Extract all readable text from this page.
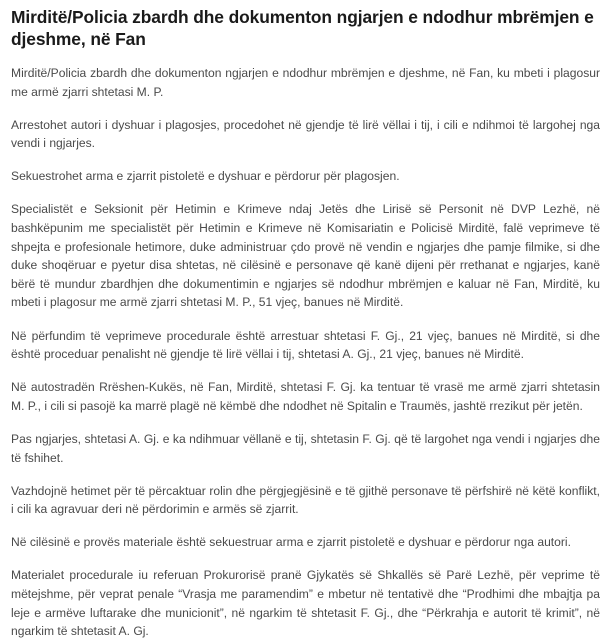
Mirditë/Policia zbardh dhe dokumenton ngjarjen e ndodhur mbrëmjen e djeshme, në Fan

Mirditë/Policia zbardh dhe dokumenton ngjarjen e ndodhur mbrëmjen e djeshme, në Fan, ku mbeti i plagosur me armë zjarri shtetasi M. P.

Arrestohet autori i dyshuar i plagosjes, procedohet në gjendje të lirë vëllai i tij, i cili e ndihmoi të largohej nga vendi i ngjarjes.

Sekuestrohet arma e zjarrit pistoletë e dyshuar e përdorur për plagosjen.

Specialistët e Seksionit për Hetimin e Krimeve ndaj Jetës dhe Lirisë së Personit në DVP Lezhë, në bashkëpunim me specialistët për Hetimin e Krimeve në Komisariatin e Policisë Mirditë, falë veprimeve të shpejta e profesionale hetimore, duke administruar çdo provë në vendin e ngjarjes dhe pamje filmike, si dhe duke shoqëruar e pyetur disa shtetas, në cilësinë e personave që kanë dijeni për rrethanat e ngjarjes, kanë bërë të mundur zbardhjen dhe dokumentimin e ngjarjes së ndodhur mbrëmjen e kaluar në Fan, Mirditë, ku mbeti i plagosur me armë zjarri shtetasi M. P., 51 vjeç, banues në Mirditë.

Në përfundim të veprimeve procedurale është arrestuar shtetasi F. Gj., 21 vjeç, banues në Mirditë, si dhe është proceduar penalisht në gjendje të lirë vëllai i tij, shtetasi A. Gj., 21 vjeç, banues në Mirditë.

Në autostradën Rrëshen-Kukës, në Fan, Mirditë, shtetasi F. Gj. ka tentuar të vrasë me armë zjarri shtetasin M. P., i cili si pasojë ka marrë plagë në këmbë dhe ndodhet në Spitalin e Traumës, jashtë rrezikut për jetën.

Pas ngjarjes, shtetasi A. Gj. e ka ndihmuar vëllanë e tij, shtetasin F. Gj. që të largohet nga vendi i ngjarjes dhe të fshihet.

Vazhdojnë hetimet për të përcaktuar rolin dhe përgjegjësinë e të gjithë personave të përfshirë në këtë konflikt, i cili ka agravuar deri në përdorimin e armës së zjarrit.

Në cilësinë e provës materiale është sekuestruar arma e zjarrit pistoletë e dyshuar e përdorur nga autori.

Materialet procedurale iu referuan Prokurorisë pranë Gjykatës së Shkallës së Parë Lezhë, për veprime të mëtejshme, për veprat penale “Vrasja me paramendim” e mbetur në tentativë dhe “Prodhimi dhe mbajtja pa leje e armëve luftarake dhe municionit”, në ngarkim të shtetasit F. Gj., dhe “Përkrahja e autorit të krimit”, në ngarkim të shtetasit A. Gj.
